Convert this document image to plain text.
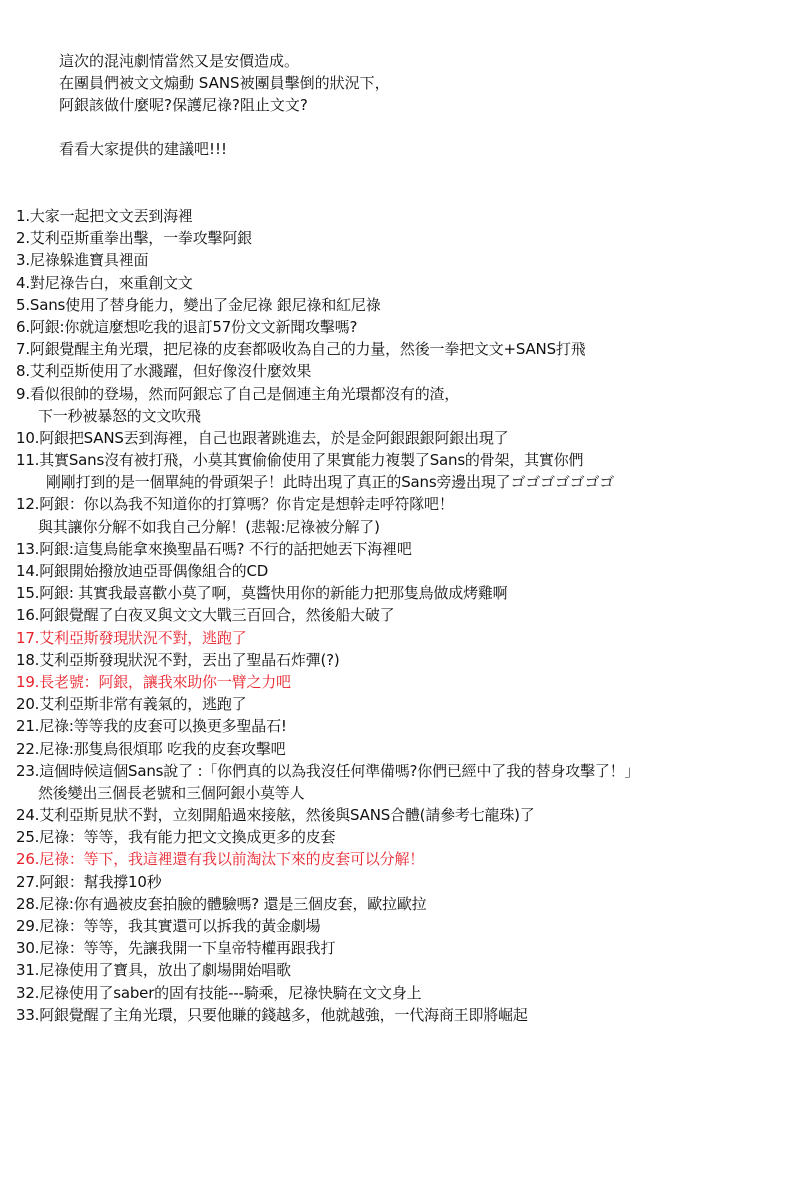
這次的混沌劇情當然又是安價造成。
在團員們被文文煽動 SANS被團員擊倒的狀況下，
阿銀該做什麼呢?保護尼祿?阻止文文?
看看大家提供的建議吧!!!
1.大家一起把文文丟到海裡
2.艾利亞斯重拳出擊，一拳攻擊阿銀
3.尼祿躲進寶具裡面
4.對尼祿告白，來重創文文
5.Sans使用了替身能力，變出了金尼祿 銀尼祿和紅尼祿
6.阿銀:你就這麼想吃我的退訂57份文文新聞攻擊嗎?
7.阿銀覺醒主角光環，把尼祿的皮套都吸收為自己的力量，然後一拳把文文+SANS打飛
8.艾利亞斯使用了水濺躍，但好像沒什麼效果
9.看似很帥的登場，然而阿銀忘了自己是個連主角光環都沒有的渣，
下一秒被暴怒的文文吹飛
10.阿銀把SANS丟到海裡，自己也跟著跳進去，於是金阿銀跟銀阿銀出現了
11.其實Sans沒有被打飛，小莫其實偷偷使用了果實能力複製了Sans的骨架，其實你們
剛剛打到的是一個單純的骨頭架子！此時出現了真正的Sans旁邊出現了ゴゴゴゴゴゴゴ
12.阿銀：你以為我不知道你的打算嗎？你肯定是想幹走呼符隊吧！
與其讓你分解不如我自己分解！(悲報:尼祿被分解了)
13.阿銀:這隻鳥能拿來換聖晶石嗎? 不行的話把她丟下海裡吧
14.阿銀開始撥放迪亞哥偶像組合的CD
15.阿銀: 其實我最喜歡小莫了啊，莫醬快用你的新能力把那隻鳥做成烤雞啊
16.阿銀覺醒了白夜叉與文文大戰三百回合，然後船大破了
17.艾利亞斯發現狀況不對，逃跑了
18.艾利亞斯發現狀況不對，丟出了聖晶石炸彈(?)
19.長老號：阿銀，讓我來助你一臂之力吧
20.艾利亞斯非常有義氣的，逃跑了
21.尼祿:等等我的皮套可以換更多聖晶石!
22.尼祿:那隻鳥很煩耶 吃我的皮套攻擊吧
23.這個時候這個Sans說了 :「你們真的以為我沒任何準備嗎?你們已經中了我的替身攻擊了！」
然後變出三個長老號和三個阿銀小莫等人
24.艾利亞斯見狀不對，立刻開船過來接舷，然後與SANS合體(請參考七龍珠)了
25.尼祿：等等，我有能力把文文換成更多的皮套
26.尼祿：等下，我這裡還有我以前淘汰下來的皮套可以分解！
27.阿銀：幫我撐10秒
28.尼祿:你有過被皮套拍臉的體驗嗎? 還是三個皮套，歐拉歐拉
29.尼祿：等等，我其實還可以拆我的黃金劇場
30.尼祿：等等，先讓我開一下皇帝特權再跟我打
31.尼祿使用了寶具，放出了劇場開始唱歌
32.尼祿使用了saber的固有技能---騎乘，尼祿快騎在文文身上
33.阿銀覺醒了主角光環，只要他賺的錢越多，他就越強，一代海商王即將崛起
